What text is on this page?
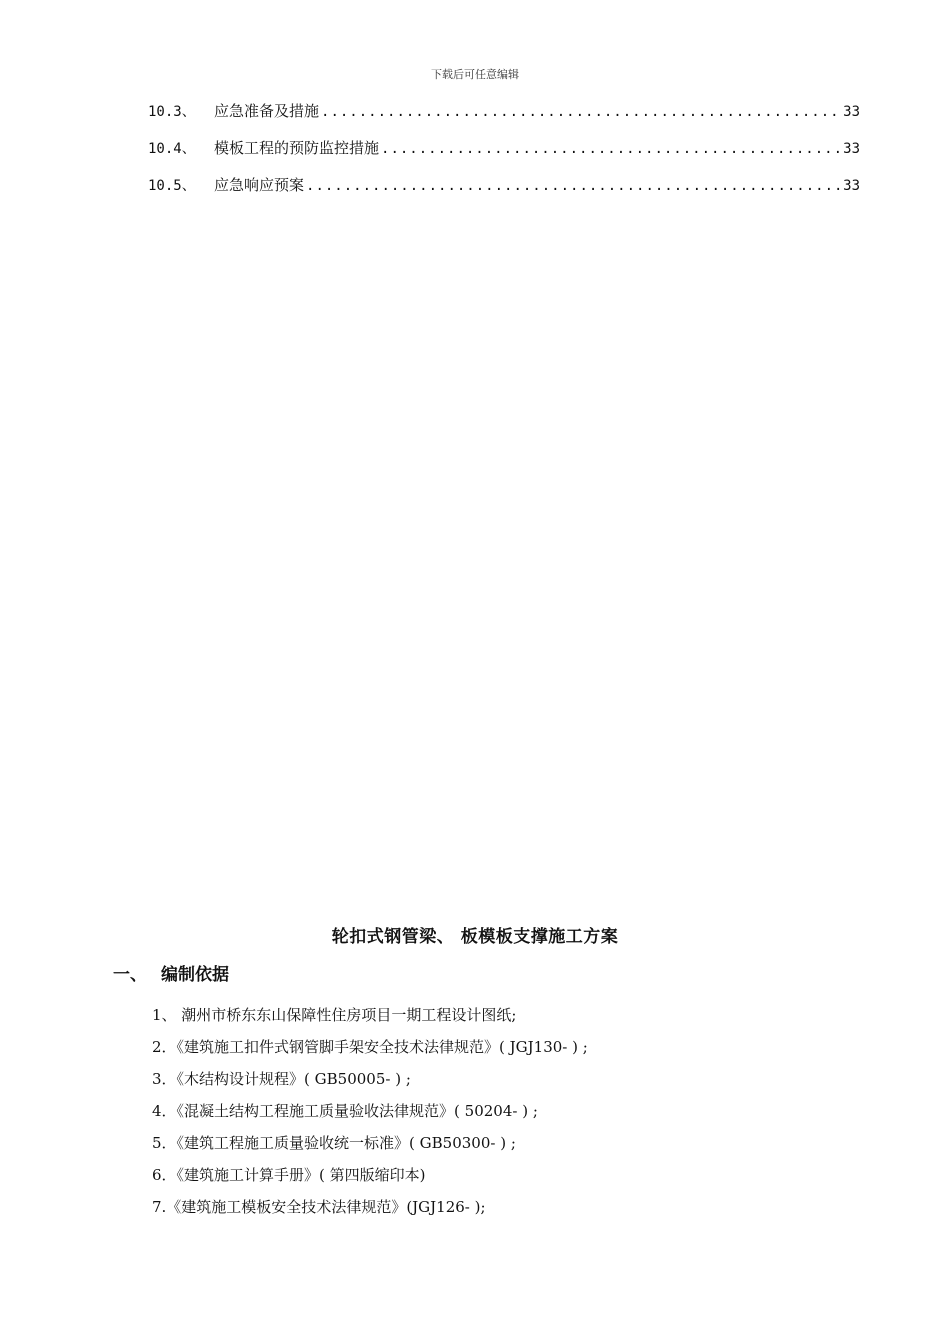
下载后可任意编辑
10.3、	应急准备及措施 .....	33
10.4、	模板工程的预防监控措施 .....	33
10.5、	应急响应预案 .....	33
轮扣式钢管梁、 板模板支撑施工方案
一、 编制依据
1、 潮州市桥东东山保障性住房项目一期工程设计图纸;
2．《建筑施工扣件式钢管脚手架安全技术法律规范》( JGJ130- ) ;
3．《木结构设计规程》( GB50005- ) ;
4．《混凝土结构工程施工质量验收法律规范》( 50204- ) ;
5．《建筑工程施工质量验收统一标准》( GB50300- ) ;
6．《建筑施工计算手册》( 第四版缩印本)
7.《建筑施工模板安全技术法律规范》(JGJ126- );
